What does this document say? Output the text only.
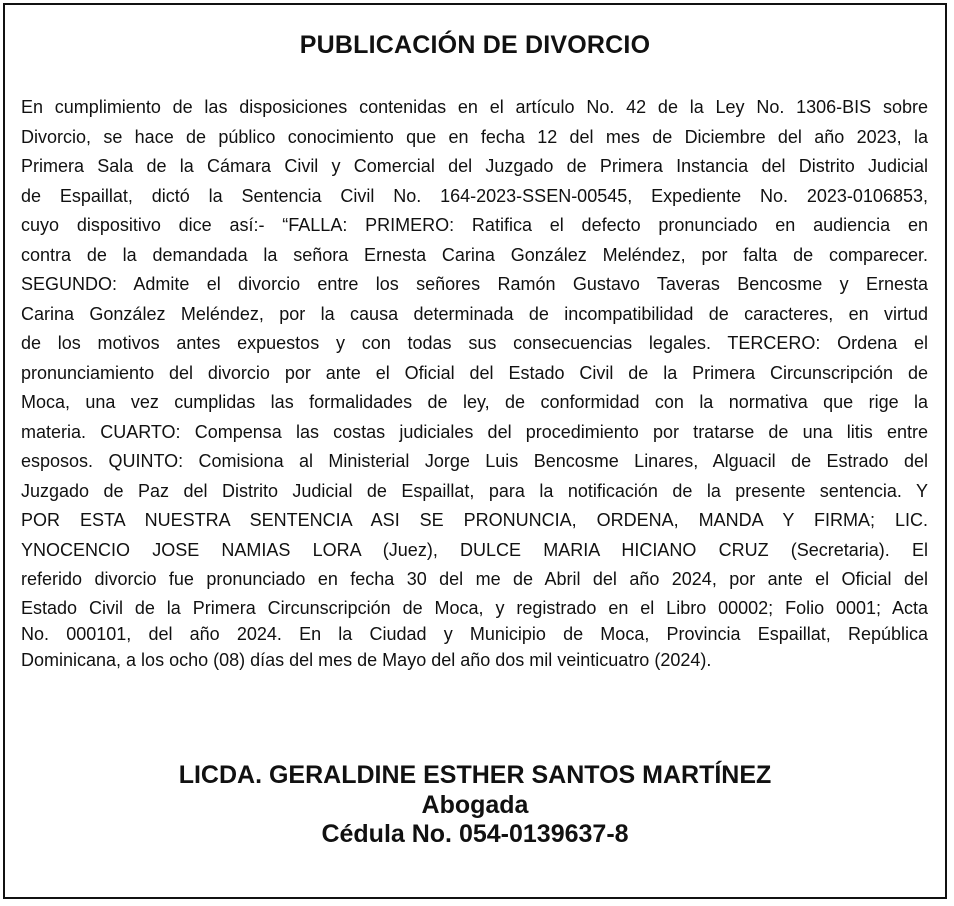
PUBLICACIÓN DE DIVORCIO
En cumplimiento de las disposiciones contenidas en el artículo No. 42 de la Ley No. 1306-BIS sobre
Divorcio, se hace de público conocimiento que en fecha 12 del mes de Diciembre del año 2023, la
Primera Sala de la Cámara Civil y Comercial del Juzgado de Primera Instancia del Distrito Judicial
de Espaillat, dictó la Sentencia Civil No. 164-2023-SSEN-00545, Expediente No. 2023-0106853,
cuyo dispositivo dice así:- “FALLA: PRIMERO: Ratifica el defecto pronunciado en audiencia en
contra de la demandada la señora Ernesta Carina González Meléndez, por falta de comparecer.
SEGUNDO: Admite el divorcio entre los señores Ramón Gustavo Taveras Bencosme y Ernesta
Carina González Meléndez, por la causa determinada de incompatibilidad de caracteres, en virtud
de los motivos antes expuestos y con todas sus consecuencias legales. TERCERO: Ordena el
pronunciamiento del divorcio por ante el Oficial del Estado Civil de la Primera Circunscripción de
Moca, una vez cumplidas las formalidades de ley, de conformidad con la normativa que rige la
materia. CUARTO: Compensa las costas judiciales del procedimiento por tratarse de una litis entre
esposos. QUINTO: Comisiona al Ministerial Jorge Luis Bencosme Linares, Alguacil de Estrado del
Juzgado de Paz del Distrito Judicial de Espaillat, para la notificación de la presente sentencia. Y
POR ESTA NUESTRA SENTENCIA ASI SE PRONUNCIA, ORDENA, MANDA Y FIRMA; LIC.
YNOCENCIO JOSE NAMIAS LORA (Juez), DULCE MARIA HICIANO CRUZ (Secretaria). El
referido divorcio fue pronunciado en fecha 30 del me de Abril del año 2024, por ante el Oficial del
Estado Civil de la Primera Circunscripción de Moca, y registrado en el Libro 00002; Folio 0001; Acta
No. 000101, del año 2024. En la Ciudad y Municipio de Moca, Provincia Espaillat, República
Dominicana, a los ocho (08) días del mes de Mayo del año dos mil veinticuatro (2024).
LICDA. GERALDINE ESTHER SANTOS MARTÍNEZ
Abogada
Cédula No. 054-0139637-8
